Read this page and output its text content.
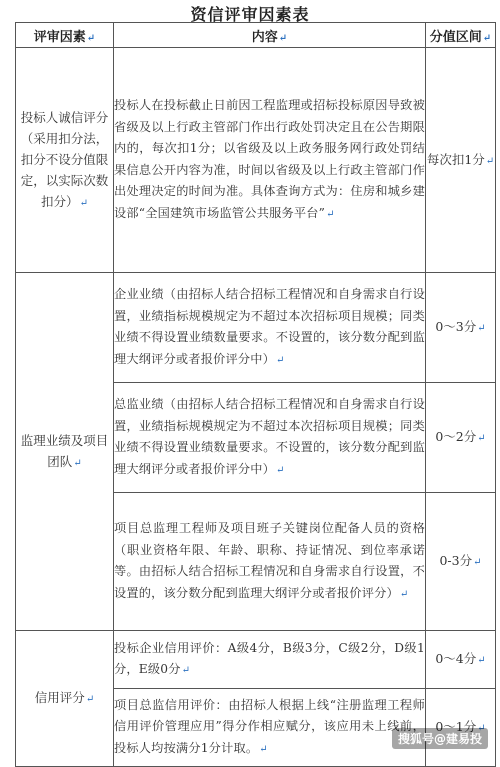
资信评审因素表
评审因素↵	内容↵	分值区间↵
投标人诚信评分（采用扣分法，扣分不设分值限定，以实际次数扣分）↵	投标人在投标截止日前因工程监理或招标投标原因导致被省级及以上行政主管部门作出行政处罚决定且在公告期限内的，每次扣1分；以省级及以上政务服务网行政处罚结果信息公开内容为准，时间以省级及以上行政主管部门作出处理决定的时间为准。具体查询方式为：住房和城乡建设部“全国建筑市场监管公共服务平台”↵	每次扣1分↵
监理业绩及项目团队↵	企业业绩（由招标人结合招标工程情况和自身需求自行设置，业绩指标规模规定为不超过本次招标项目规模；同类业绩不得设置业绩数量要求。不设置的，该分数分配到监理大纲评分或者报价评分中）↵	0～3分↵
	总监业绩（由招标人结合招标工程情况和自身需求自行设置，业绩指标规模规定为不超过本次招标项目规模；同类业绩不得设置业绩数量要求。不设置的，该分数分配到监理大纲评分或者报价评分中）↵	0～2分↵
	项目总监理工程师及项目班子关键岗位配备人员的资格（职业资格年限、年龄、职称、持证情况、到位率承诺等。由招标人结合招标工程情况和自身需求自行设置，不设置的，该分数分配到监理大纲评分或者报价评分）↵	0-3分↵
信用评分↵	投标企业信用评价：A级4分，B级3分，C级2分，D级1分，E级0分↵	0～4分↵
	项目总监信用评价：由招标人根据上线“注册监理工程师信用评价管理应用”得分作相应赋分，该应用未上线前，投标人均按满分1分计取。↵	0～1分↵
搜狐号@建易投
